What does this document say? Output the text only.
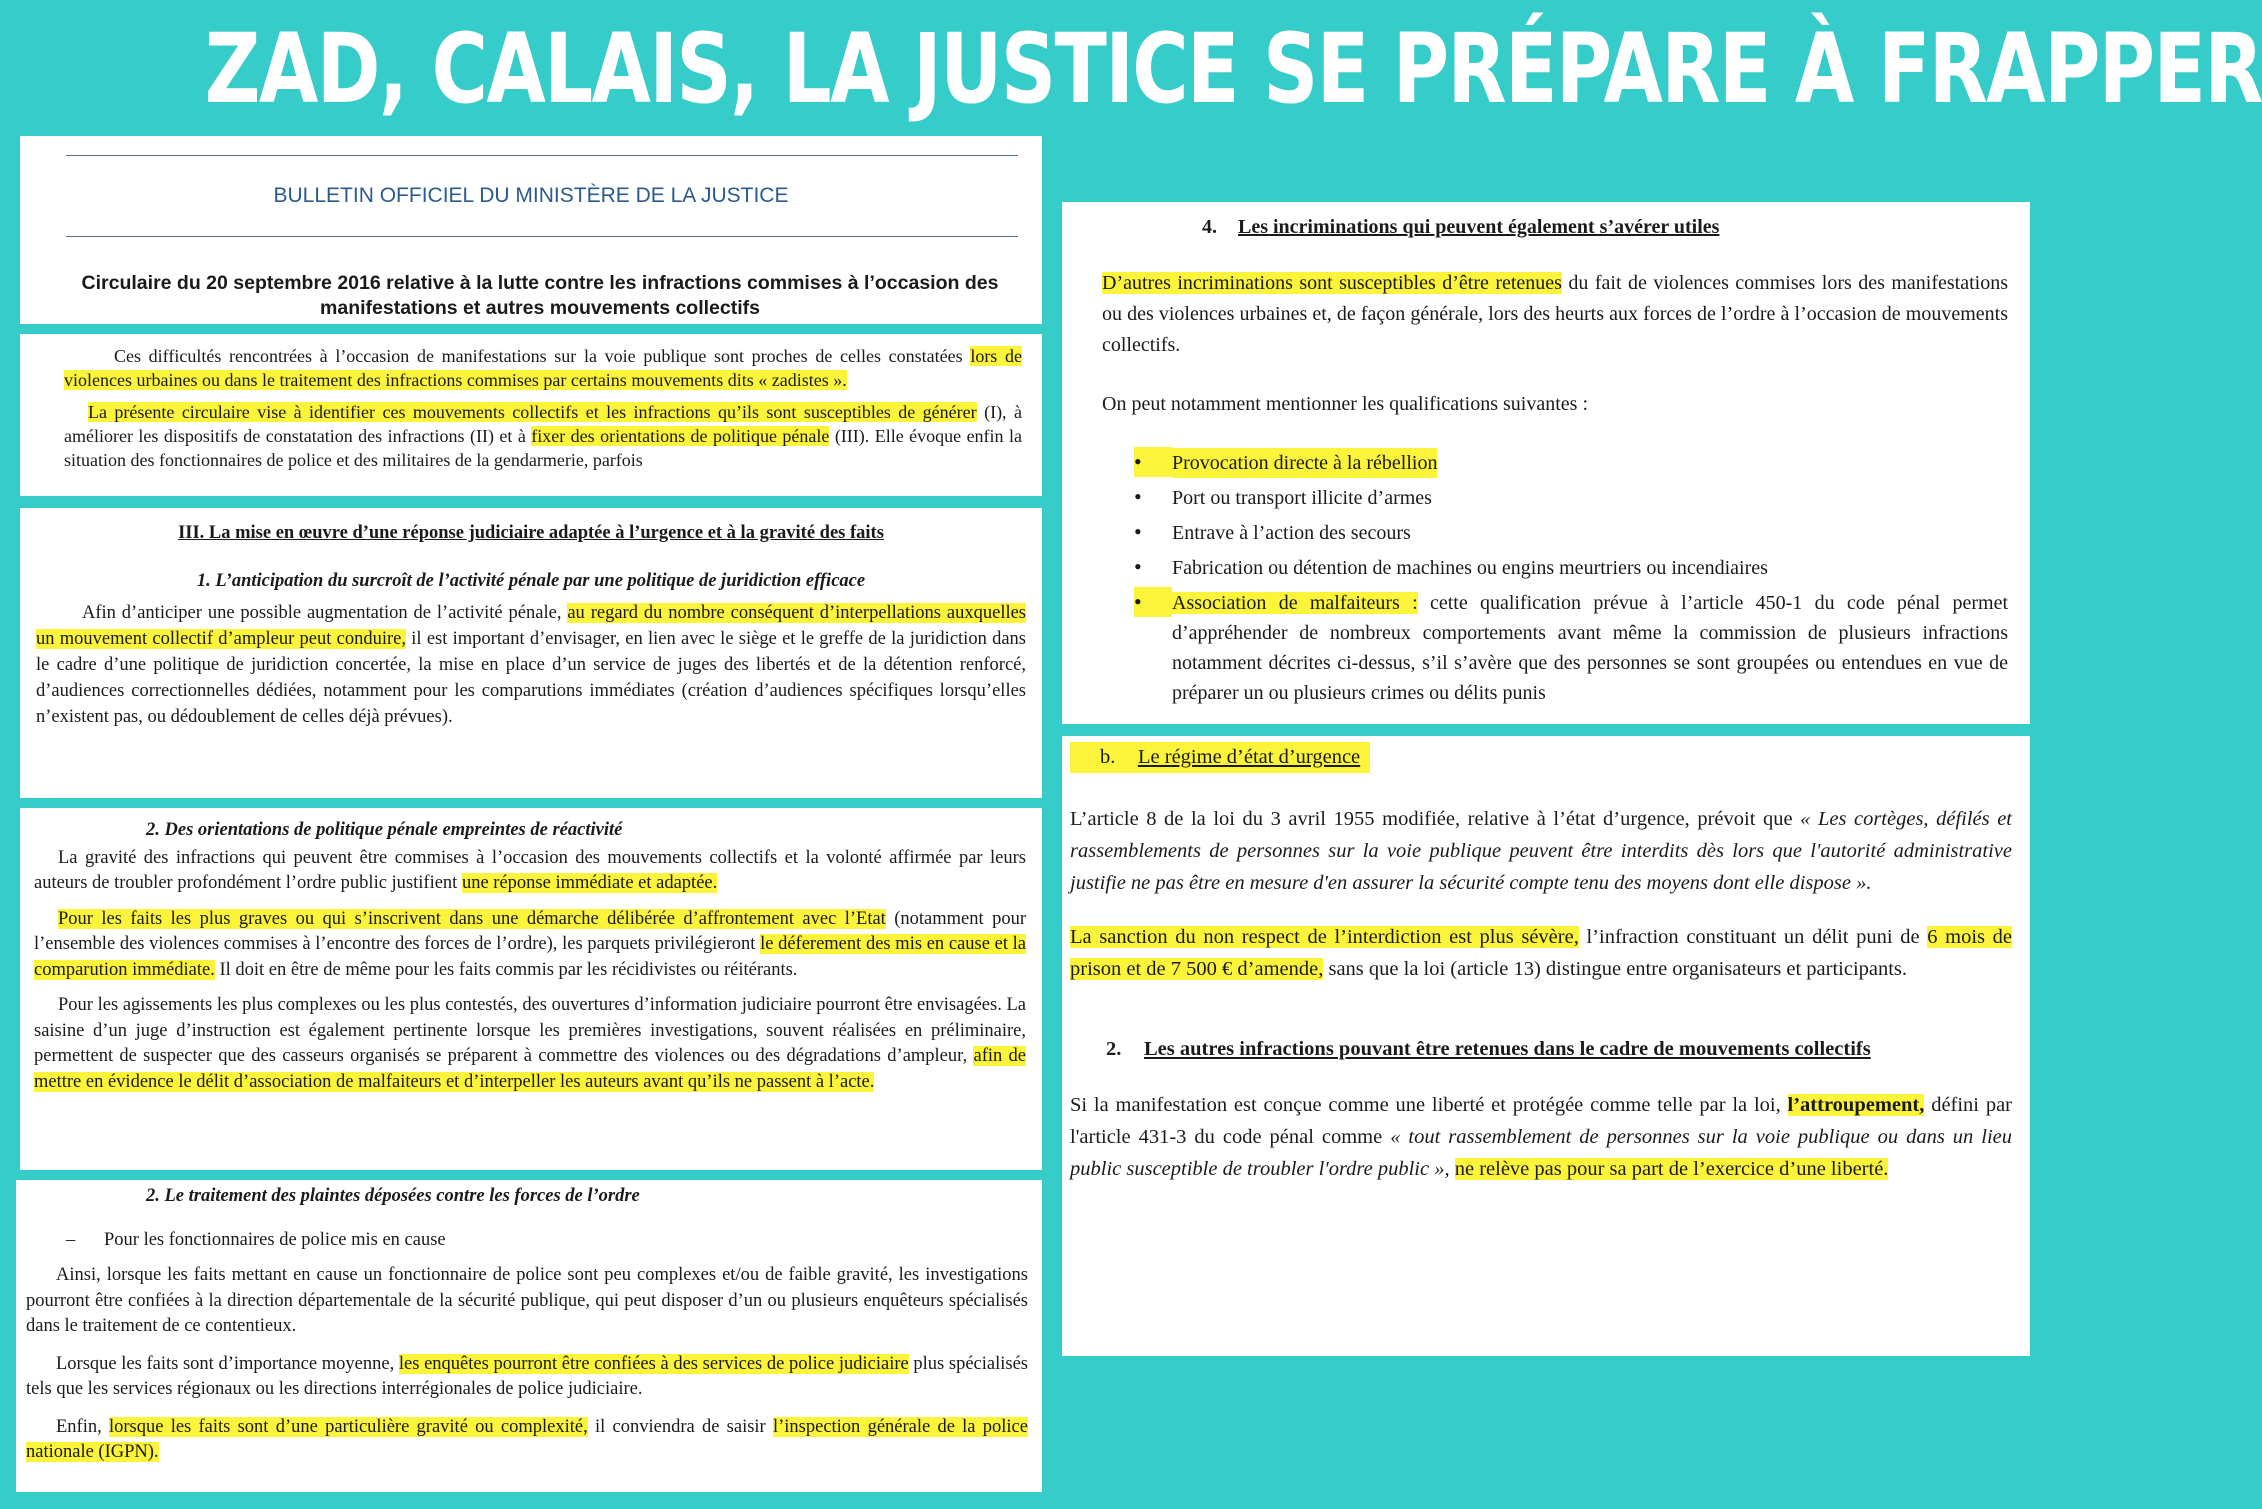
ZAD, CALAIS, LA JUSTICE SE PRÉPARE À FRAPPER
BULLETIN OFFICIEL DU MINISTÈRE DE LA JUSTICE
Circulaire du 20 septembre 2016 relative à la lutte contre les infractions commises à l’occasion des manifestations et autres mouvements collectifs

Ces difficultés rencontrées à l’occasion de manifestations sur la voie publique sont proches de celles constatées lors de violences urbaines ou dans le traitement des infractions commises par certains mouvements dits « zadistes ».

La présente circulaire vise à identifier ces mouvements collectifs et les infractions qu’ils sont susceptibles de générer (I), à améliorer les dispositifs de constatation des infractions (II) et à fixer des orientations de politique pénale (III). Elle évoque enfin la situation des fonctionnaires de police et des militaires de la gendarmerie, parfois

III. La mise en œuvre d’une réponse judiciaire adaptée à l’urgence et à la gravité des faits
1. L’anticipation du surcroît de l’activité pénale par une politique de juridiction efficace

Afin d’anticiper une possible augmentation de l’activité pénale, au regard du nombre conséquent d’interpellations auxquelles un mouvement collectif d’ampleur peut conduire, il est important d’envisager, en lien avec le siège et le greffe de la juridiction dans le cadre d’une politique de juridiction concertée, la mise en place d’un service de juges des libertés et de la détention renforcé, d’audiences correctionnelles dédiées, notamment pour les comparutions immédiates (création d’audiences spécifiques lorsqu’elles n’existent pas, ou dédoublement de celles déjà prévues).

2. Des orientations de politique pénale empreintes de réactivité

La gravité des infractions qui peuvent être commises à l’occasion des mouvements collectifs et la volonté affirmée par leurs auteurs de troubler profondément l’ordre public justifient une réponse immédiate et adaptée.

Pour les faits les plus graves ou qui s’inscrivent dans une démarche délibérée d’affrontement avec l’Etat (notamment pour l’ensemble des violences commises à l’encontre des forces de l’ordre), les parquets privilégieront le déferement des mis en cause et la comparution immédiate. Il doit en être de même pour les faits commis par les récidivistes ou réitérants.

Pour les agissements les plus complexes ou les plus contestés, des ouvertures d’information judiciaire pourront être envisagées. La saisine d’un juge d’instruction est également pertinente lorsque les premières investigations, souvent réalisées en préliminaire, permettent de suspecter que des casseurs organisés se préparent à commettre des violences ou des dégradations d’ampleur, afin de mettre en évidence le délit d’association de malfaiteurs et d’interpeller les auteurs avant qu’ils ne passent à l’acte.

2. Le traitement des plaintes déposées contre les forces de l’ordre
– Pour les fonctionnaires de police mis en cause

Ainsi, lorsque les faits mettant en cause un fonctionnaire de police sont peu complexes et/ou de faible gravité, les investigations pourront être confiées à la direction départementale de la sécurité publique, qui peut disposer d’un ou plusieurs enquêteurs spécialisés dans le traitement de ce contentieux.

Lorsque les faits sont d’importance moyenne, les enquêtes pourront être confiées à des services de police judiciaire plus spécialisés tels que les services régionaux ou les directions interrégionales de police judiciaire.

Enfin, lorsque les faits sont d’une particulière gravité ou complexité, il conviendra de saisir l’inspection générale de la police nationale (IGPN).

4. Les incriminations qui peuvent également s’avérer utiles

D’autres incriminations sont susceptibles d’être retenues du fait de violences commises lors des manifestations ou des violences urbaines et, de façon générale, lors des heurts aux forces de l’ordre à l’occasion de mouvements collectifs.

On peut notamment mentionner les qualifications suivantes :

•	Provocation directe à la rébellion
•	Port ou transport illicite d’armes
•	Entrave à l’action des secours
•	Fabrication ou détention de machines ou engins meurtriers ou incendiaires
•	Association de malfaiteurs : cette qualification prévue à l’article 450-1 du code pénal permet d’appréhender de nombreux comportements avant même la commission de plusieurs infractions notamment décrites ci-dessus, s’il s’avère que des personnes se sont groupées ou entendues en vue de préparer un ou plusieurs crimes ou délits punis
b. Le régime d’état d’urgence

L’article 8 de la loi du 3 avril 1955 modifiée, relative à l’état d’urgence, prévoit que « Les cortèges, défilés et rassemblements de personnes sur la voie publique peuvent être interdits dès lors que l'autorité administrative justifie ne pas être en mesure d'en assurer la sécurité compte tenu des moyens dont elle dispose ».

La sanction du non respect de l’interdiction est plus sévère, l’infraction constituant un délit puni de 6 mois de prison et de 7 500 € d’amende, sans que la loi (article 13) distingue entre organisateurs et participants.

2.	Les autres infractions pouvant être retenues dans le cadre de mouvements collectifs

Si la manifestation est conçue comme une liberté et protégée comme telle par la loi, l’attroupement, défini par l'article 431-3 du code pénal comme « tout rassemblement de personnes sur la voie publique ou dans un lieu public susceptible de troubler l'ordre public », ne relève pas pour sa part de l’exercice d’une liberté.
